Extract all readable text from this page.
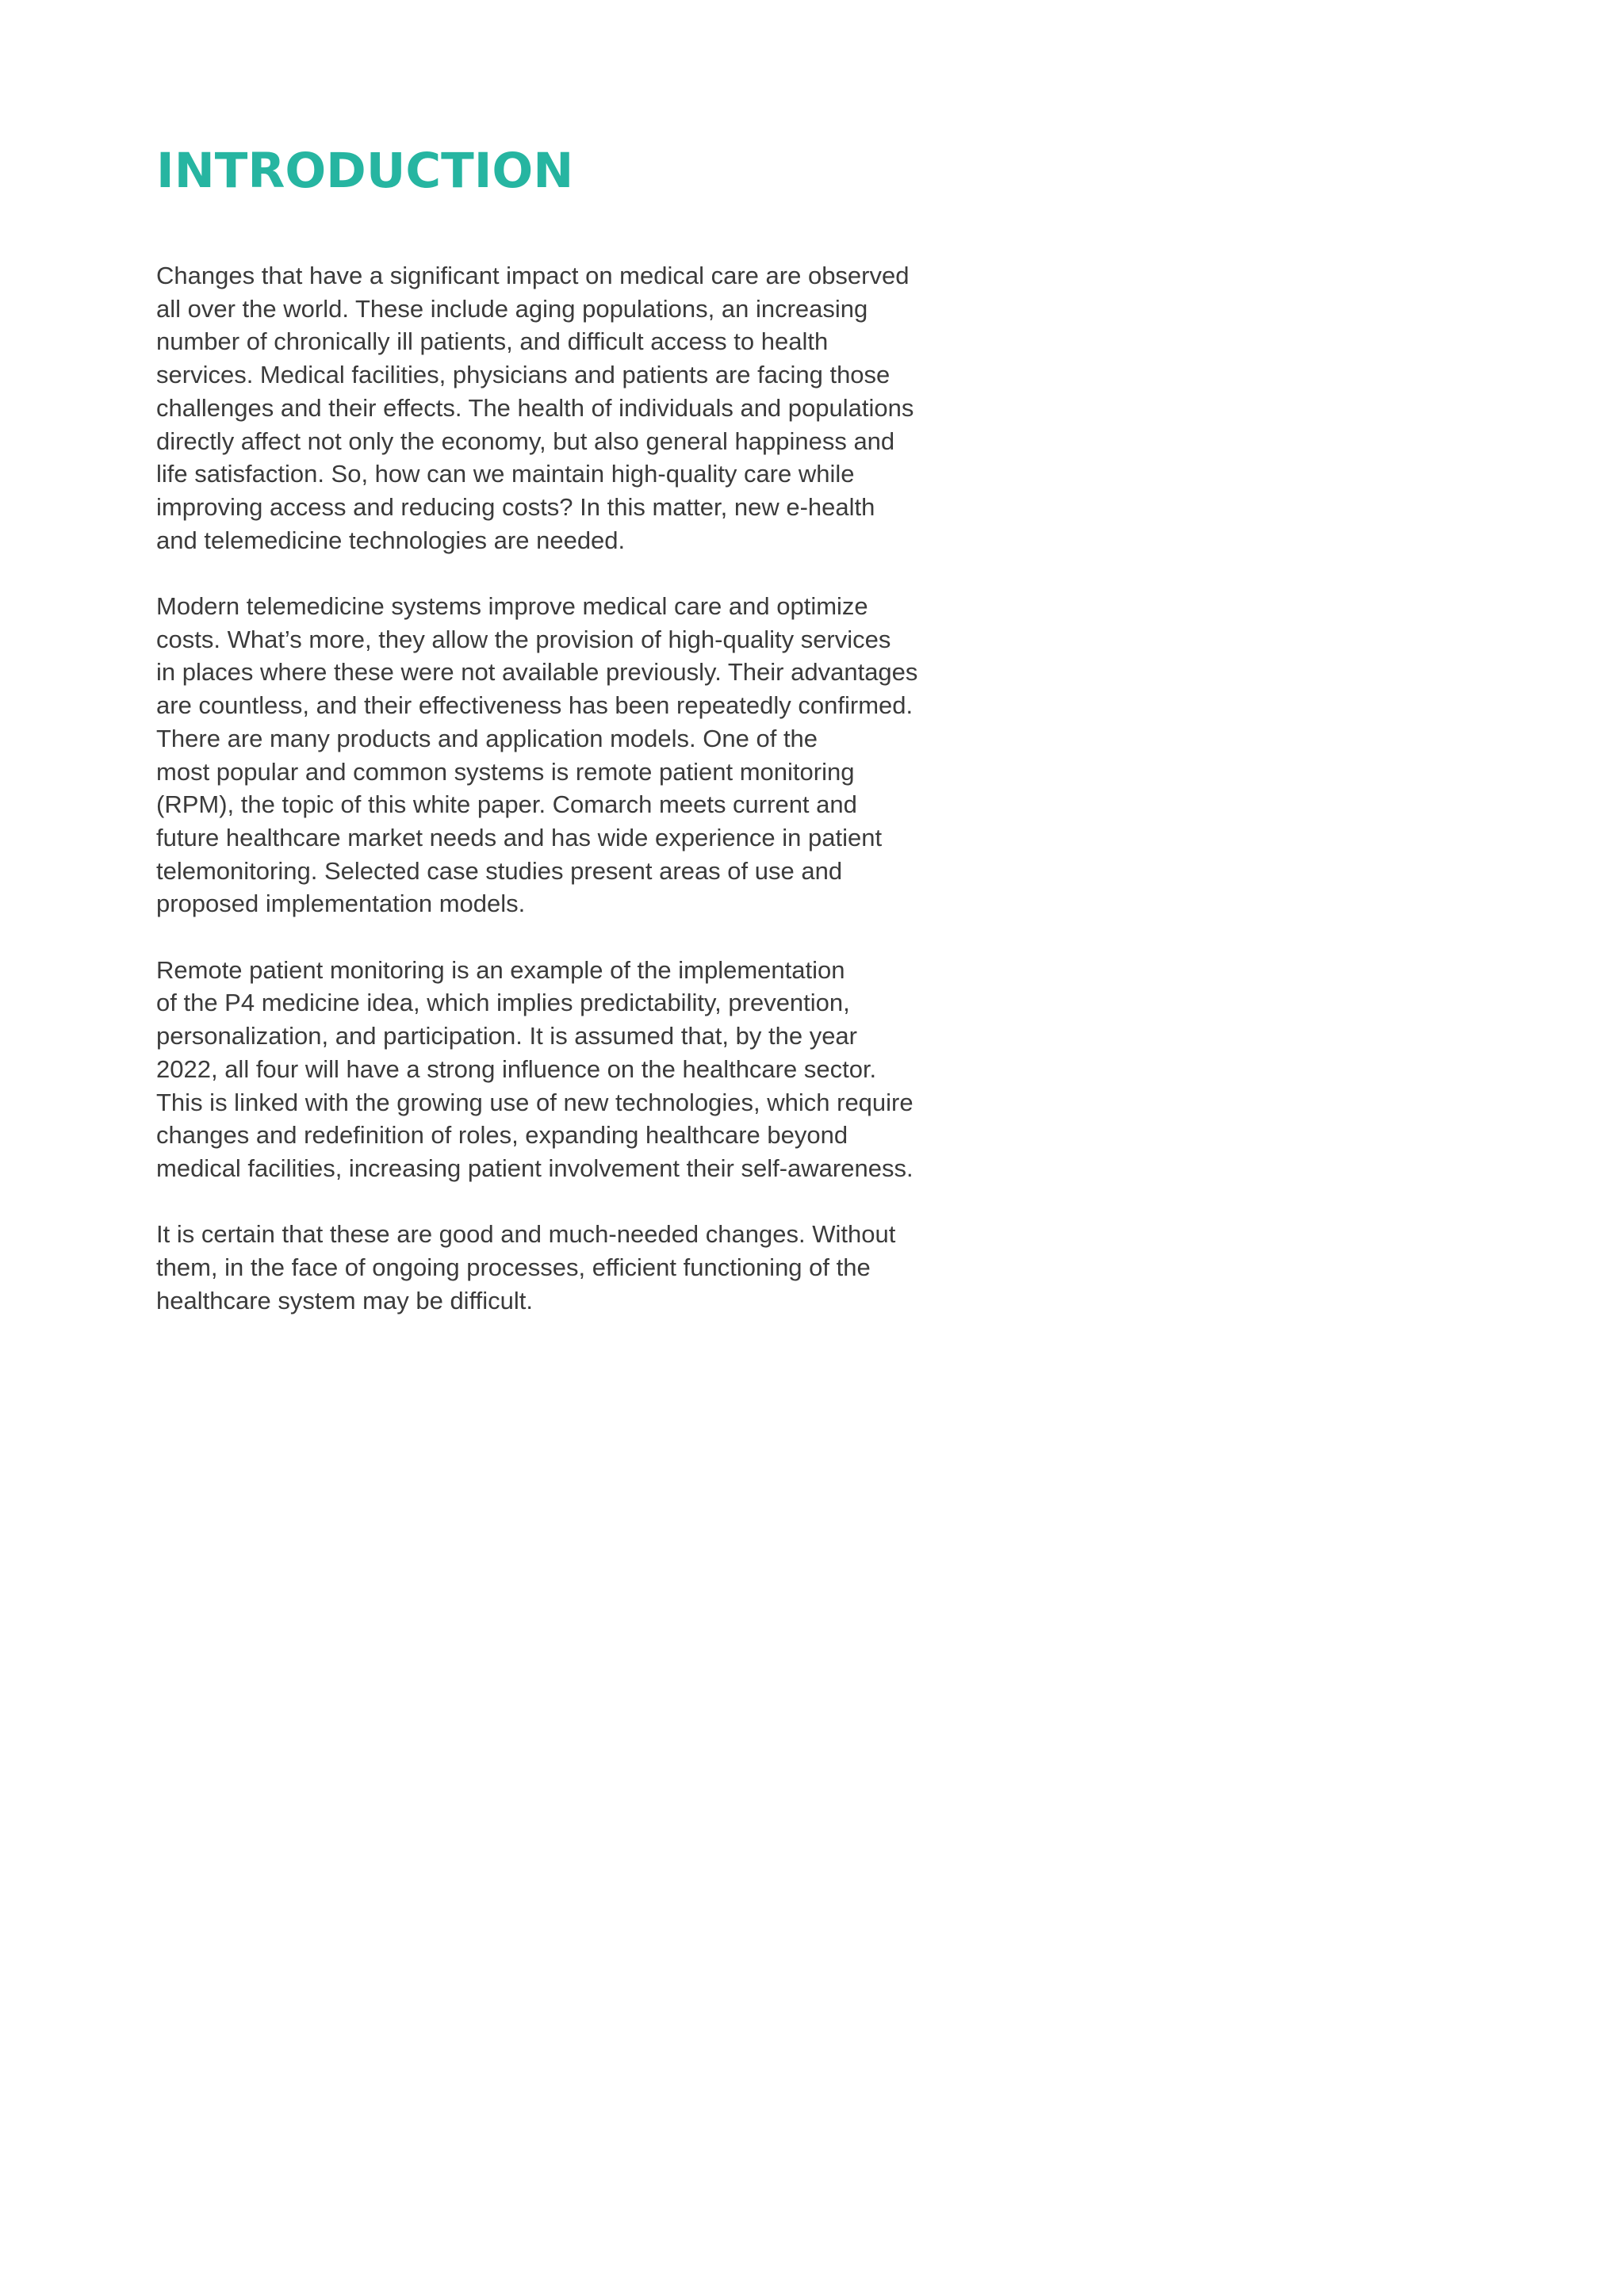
INTRODUCTION

Changes that have a significant impact on medical care are observed
all over the world. These include aging populations, an increasing
number of chronically ill patients, and difficult access to health
services. Medical facilities, physicians and patients are facing those
challenges and their effects. The health of individuals and populations
directly affect not only the economy, but also general happiness and
life satisfaction. So, how can we maintain high-quality care while
improving access and reducing costs? In this matter, new e-health
and telemedicine technologies are needed.

Modern telemedicine systems improve medical care and optimize
costs. What’s more, they allow the provision of high-quality services
in places where these were not available previously. Their advantages
are countless, and their effectiveness has been repeatedly confirmed.
There are many products and application models. One of the
most popular and common systems is remote patient monitoring
(RPM), the topic of this white paper. Comarch meets current and
future healthcare market needs and has wide experience in patient
telemonitoring. Selected case studies present areas of use and
proposed implementation models.

Remote patient monitoring is an example of the implementation
of the P4 medicine idea, which implies predictability, prevention,
personalization, and participation. It is assumed that, by the year
2022, all four will have a strong influence on the healthcare sector.
This is linked with the growing use of new technologies, which require
changes and redefinition of roles, expanding healthcare beyond
medical facilities, increasing patient involvement their self-awareness.

It is certain that these are good and much-needed changes. Without
them, in the face of ongoing processes, efficient functioning of the
healthcare system may be difficult.
